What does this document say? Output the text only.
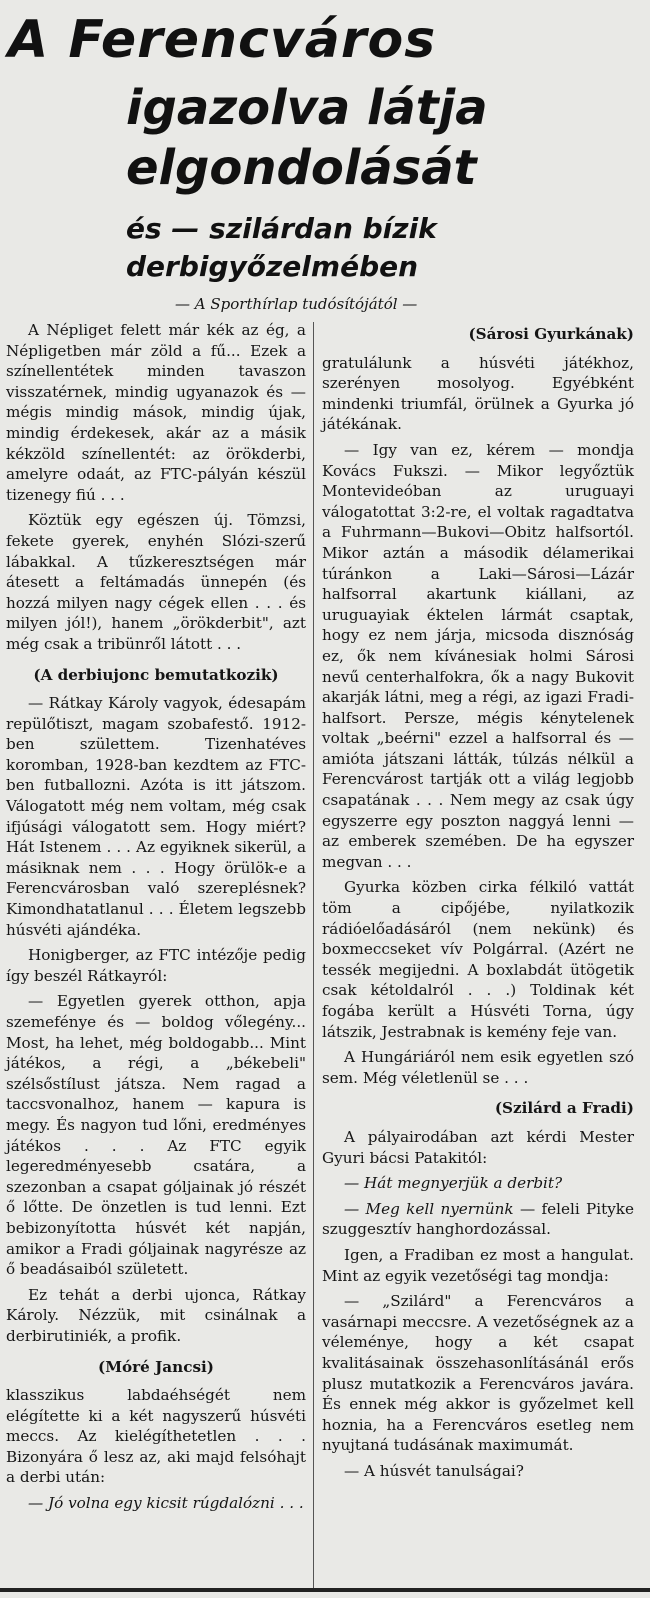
A Ferencváros
igazolva látja
elgondolását
és — szilárdan bízik
derbigyőzelmében
— A Sporthírlap tudósítójától —

A Népliget felett már kék az ég, a Népligetben már zöld a fű... Ezek a színellentétek minden tavaszon visszatérnek, mindig ugyanazok és — mégis mindig mások, mindig újak, mindig érdekesek, akár az a másik kékzöld színellentét: az örökderbi, amelyre odaát, az FTC-pályán készül tizenegy fiú . . .

Köztük egy egészen új. Tömzsi, fekete gyerek, enyhén Slózi-szerű lábakkal. A tűzkeresztségen már átesett a feltámadás ünnepén (és hozzá milyen nagy cégek ellen . . . és milyen jól!), hanem „örökderbit", azt még csak a tribünről látott . . .

(A derbiujonc bemutatkozik)

— Rátkay Károly vagyok, édesapám repülőtiszt, magam szobafestő. 1912-ben születtem. Tizenhatéves koromban, 1928-ban kezdtem az FTC-ben futballozni. Azóta is itt játszom. Válogatott még nem voltam, még csak ifjúsági válogatott sem. Hogy miért? Hát Istenem . . . Az egyiknek sikerül, a másiknak nem . . . Hogy örülök-e a Ferencvárosban való szereplésnek? Kimondhatatlanul . . . Életem legszebb húsvéti ajándéka.

Honigberger, az FTC intézője pedig így beszél Rátkayról:

— Egyetlen gyerek otthon, apja szemefénye és — boldog vőlegény... Most, ha lehet, még boldogabb... Mint játékos, a régi, a „békebeli" szélsőstílust játsza. Nem ragad a taccsvonalhoz, hanem — kapura is megy. És nagyon tud lőni, eredményes játékos . . . Az FTC egyik legeredményesebb csatára, a szezonban a csapat góljainak jó részét ő lőtte. De önzetlen is tud lenni. Ezt bebizonyította húsvét két napján, amikor a Fradi góljainak nagyrésze az ő beadásaiból született.

Ez tehát a derbi ujonca, Rátkay Károly. Nézzük, mit csinálnak a derbirutiniék, a profik.

(Móré Jancsi)

klasszikus labdaéhségét nem elégítette ki a két nagyszerű húsvéti meccs. Az kielégíthetetlen . . . Bizonyára ő lesz az, aki majd felsóhajt a derbi után:

— Jó volna egy kicsit rúgdalózni . . .

(Sárosi Gyurkának)

gratulálunk a húsvéti játékhoz, szerényen mosolyog. Egyébként mindenki triumfál, örülnek a Gyurka jó játékának.

— Igy van ez, kérem — mondja Kovács Fukszi. — Mikor legyőztük Montevideóban az uruguayi válogatottat 3:2-re, el voltak ragadtatva a Fuhrmann—Bukovi—Obitz halfsortól. Mikor aztán a második délamerikai túránkon a Laki—Sárosi—Lázár halfsorral akartunk kiállani, az uruguayiak éktelen lármát csaptak, hogy ez nem járja, micsoda disznóság ez, ők nem kívánesiak holmi Sárosi nevű centerhalfokra, ők a nagy Bukovit akarják látni, meg a régi, az igazi Fradi-halfsort. Persze, mégis kénytelenek voltak „beérni" ezzel a halfsorral és — amióta játszani látták, túlzás nélkül a Ferencvárost tartják ott a világ legjobb csapatának . . . Nem megy az csak úgy egyszerre egy poszton naggyá lenni — az emberek szemében. De ha egyszer megvan . . .

Gyurka közben cirka félkiló vattát töm a cipőjébe, nyilatkozik rádióelőadásáról (nem nekünk) és boxmeccseket vív Polgárral. (Azért ne tessék megijedni. A boxlabdát ütögetik csak kétoldalról . . .) Toldinak két fogába került a Húsvéti Torna, úgy látszik, Jestrabnak is kemény feje van.

A Hungáriáról nem esik egyetlen szó sem. Még véletlenül se . . .

(Szilárd a Fradi)

A pályairodában azt kérdi Mester Gyuri bácsi Patakitól:

— Hát megnyerjük a derbit?

— Meg kell nyernünk — feleli Pityke szuggesztív hanghordozással.

Igen, a Fradiban ez most a hangulat. Mint az egyik vezetőségi tag mondja:

— „Szilárd" a Ferencváros a vasárnapi meccsre. A vezetőségnek az a véleménye, hogy a két csapat kvalitásainak összehasonlításánál erős plusz mutatkozik a Ferencváros javára. És ennek még akkor is győzelmet kell hoznia, ha a Ferencváros esetleg nem nyujtaná tudásának maximumát.

— A húsvét tanulságai?
